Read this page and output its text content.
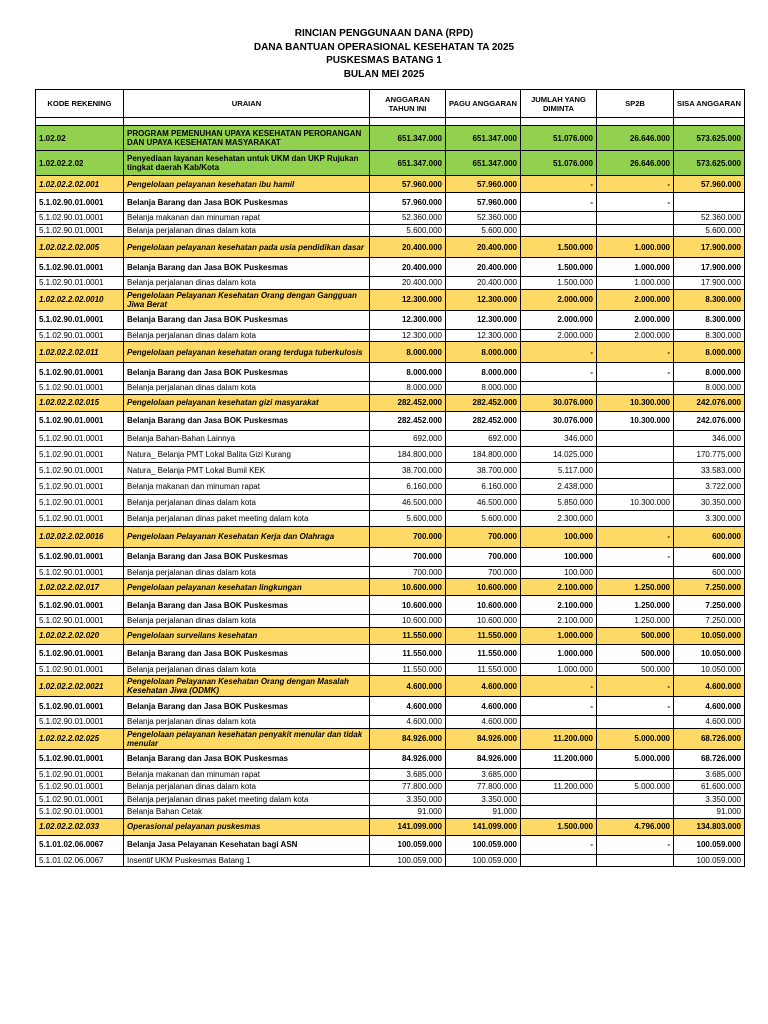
RINCIAN PENGGUNAAN DANA (RPD)
DANA BANTUAN OPERASIONAL KESEHATAN TA 2025
PUSKESMAS BATANG 1
BULAN MEI 2025
KODE REKENING	URAIAN	ANGGARAN TAHUN INI	PAGU ANGGARAN	JUMLAH YANG DIMINTA	SP2B	SISA ANGGARAN

1.02.02	PROGRAM PEMENUHAN UPAYA KESEHATAN PERORANGAN DAN UPAYA KESEHATAN MASYARAKAT	651.347.000	651.347.000	51.076.000	26.646.000	573.625.000
1.02.02.2.02	Penyediaan layanan kesehatan untuk UKM dan UKP Rujukan tingkat daerah Kab/Kota	651.347.000	651.347.000	51.076.000	26.646.000	573.625.000
1.02.02.2.02.001	Pengelolaan pelayanan kesehatan ibu hamil	57.960.000	57.960.000	-	-	57.960.000
5.1.02.90.01.0001	Belanja Barang dan Jasa BOK Puskesmas	57.960.000	57.960.000	-	-	
5.1.02.90.01.0001	Belanja makanan dan minuman rapat	52.360.000	52.360.000			52.360.000
5.1.02.90.01.0001	Belanja perjalanan dinas dalam kota	5.600.000	5.600.000			5.600.000
1.02.02.2.02.005	Pengelolaan pelayanan kesehatan pada usia pendidikan dasar	20.400.000	20.400.000	1.500.000	1.000.000	17.900.000
5.1.02.90.01.0001	Belanja Barang dan Jasa BOK Puskesmas	20.400.000	20.400.000	1.500.000	1.000.000	17.900.000
5.1.02.90.01.0001	Belanja perjalanan dinas dalam kota	20.400.000	20.400.000	1.500.000	1.000.000	17.900.000
1.02.02.2.02.0010	Pengelolaan Pelayanan Kesehatan Orang dengan Gangguan Jiwa Berat	12.300.000	12.300.000	2.000.000	2.000.000	8.300.000
5.1.02.90.01.0001	Belanja Barang dan Jasa BOK Puskesmas	12.300.000	12.300.000	2.000.000	2.000.000	8.300.000
5.1.02.90.01.0001	Belanja perjalanan dinas dalam kota	12.300.000	12.300.000	2.000.000	2.000.000	8.300.000
1.02.02.2.02.011	Pengelolaan pelayanan kesehatan orang terduga tuberkulosis	8.000.000	8.000.000	-	-	8.000.000
5.1.02.90.01.0001	Belanja Barang dan Jasa BOK Puskesmas	8.000.000	8.000.000	-	-	8.000.000
5.1.02.90.01.0001	Belanja perjalanan dinas dalam kota	8.000.000	8.000.000			8.000.000
1.02.02.2.02.015	Pengelolaan pelayanan kesehatan gizi masyarakat	282.452.000	282.452.000	30.076.000	10.300.000	242.076.000
5.1.02.90.01.0001	Belanja Barang dan Jasa BOK Puskesmas	282.452.000	282.452.000	30.076.000	10.300.000	242.076.000
5.1.02.90.01.0001	Belanja Bahan-Bahan Lainnya	692.000	692.000	346.000		346.000
5.1.02.90.01.0001	Natura_ Belanja PMT Lokal Balita Gizi Kurang	184.800.000	184.800.000	14.025.000		170.775.000
5.1.02.90.01.0001	Natura_ Belanja PMT Lokal Bumil KEK	38.700.000	38.700.000	5.117.000		33.583.000
5.1.02.90.01.0001	Belanja makanan dan minuman rapat	6.160.000	6.160.000	2.438.000		3.722.000
5.1.02.90.01.0001	Belanja perjalanan dinas dalam kota	46.500.000	46.500.000	5.850.000	10.300.000	30.350.000
5.1.02.90.01.0001	Belanja perjalanan dinas paket meeting dalam kota	5.600.000	5.600.000	2.300.000		3.300.000
1.02.02.2.02.0016	Pengelolaan Pelayanan Kesehatan Kerja dan Olahraga	700.000	700.000	100.000	-	600.000
5.1.02.90.01.0001	Belanja Barang dan Jasa BOK Puskesmas	700.000	700.000	100.000	-	600.000
5.1.02.90.01.0001	Belanja perjalanan dinas dalam kota	700.000	700.000	100.000		600.000
1.02.02.2.02.017	Pengelolaan pelayanan kesehatan lingkungan	10.600.000	10.600.000	2.100.000	1.250.000	7.250.000
5.1.02.90.01.0001	Belanja Barang dan Jasa BOK Puskesmas	10.600.000	10.600.000	2.100.000	1.250.000	7.250.000
5.1.02.90.01.0001	Belanja perjalanan dinas dalam kota	10.600.000	10.600.000	2.100.000	1.250.000	7.250.000
1.02.02.2.02.020	Pengelolaan surveilans kesehatan	11.550.000	11.550.000	1.000.000	500.000	10.050.000
5.1.02.90.01.0001	Belanja Barang dan Jasa BOK Puskesmas	11.550.000	11.550.000	1.000.000	500.000	10.050.000
5.1.02.90.01.0001	Belanja perjalanan dinas dalam kota	11.550.000	11.550.000	1.000.000	500.000	10.050.000
1.02.02.2.02.0021	Pengelolaan Pelayanan Kesehatan Orang dengan Masalah Kesehatan Jiwa (ODMK)	4.600.000	4.600.000	-	-	4.600.000
5.1.02.90.01.0001	Belanja Barang dan Jasa BOK Puskesmas	4.600.000	4.600.000	-	-	4.600.000
5.1.02.90.01.0001	Belanja perjalanan dinas dalam kota	4.600.000	4.600.000			4.600.000
1.02.02.2.02.025	Pengelolaan pelayanan kesehatan penyakit menular dan tidak menular	84.926.000	84.926.000	11.200.000	5.000.000	68.726.000
5.1.02.90.01.0001	Belanja Barang dan Jasa BOK Puskesmas	84.926.000	84.926.000	11.200.000	5.000.000	68.726.000
5.1.02.90.01.0001	Belanja makanan dan minuman rapat	3.685.000	3.685.000			3.685.000
5.1.02.90.01.0001	Belanja perjalanan dinas dalam kota	77.800.000	77.800.000	11.200.000	5.000.000	61.600.000
5.1.02.90.01.0001	Belanja perjalanan dinas paket meeting dalam kota	3.350.000	3.350.000			3.350.000
5.1.02.90.01.0001	Belanja Bahan Cetak	91.000	91.000			91.000
1.02.02.2.02.033	Operasional pelayanan puskesmas	141.099.000	141.099.000	1.500.000	4.796.000	134.803.000
5.1.01.02.06.0067	Belanja Jasa Pelayanan Kesehatan bagi ASN	100.059.000	100.059.000	-	-	100.059.000
5.1.01.02.06.0067	Insentif UKM Puskesmas Batang 1	100.059.000	100.059.000			100.059.000
